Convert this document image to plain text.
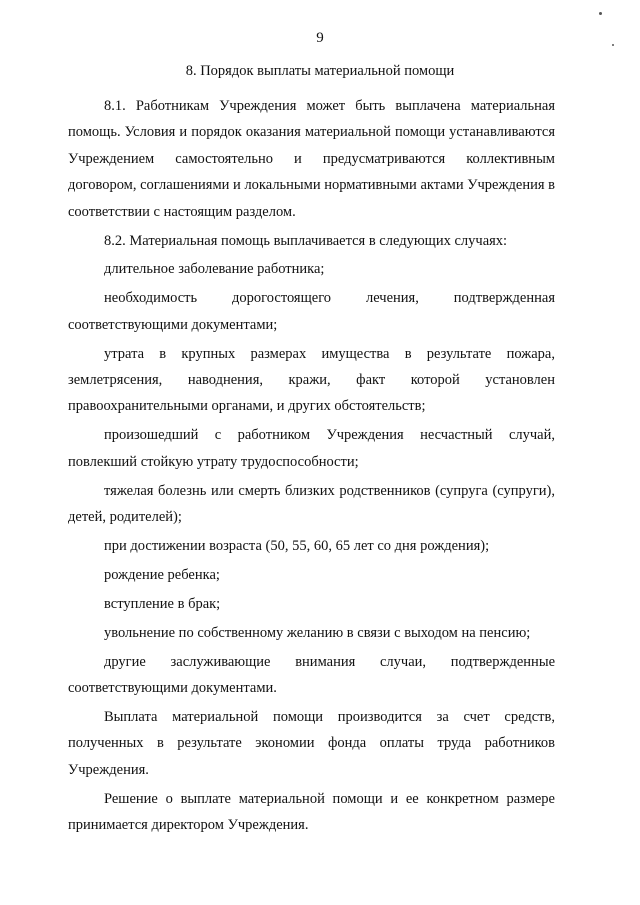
9
8. Порядок выплаты материальной помощи

8.1. Работникам Учреждения может быть выплачена материальная помощь. Условия и порядок оказания материальной помощи устанавливаются Учреждением самостоятельно и предусматриваются коллективным договором, соглашениями и локальными нормативными актами Учреждения в соответствии с настоящим разделом.

8.2. Материальная помощь выплачивается в следующих случаях:

длительное заболевание работника;

необходимость дорогостоящего лечения, подтвержденная соответствующими документами;

утрата в крупных размерах имущества в результате пожара, землетрясения, наводнения, кражи, факт которой установлен правоохранительными органами, и других обстоятельств;

произошедший с работником Учреждения несчастный случай, повлекший стойкую утрату трудоспособности;

тяжелая болезнь или смерть близких родственников (супруга (супруги), детей, родителей);

при достижении возраста (50, 55, 60, 65 лет со дня рождения);

рождение ребенка;

вступление в брак;

увольнение по собственному желанию в связи с выходом на пенсию;

другие заслуживающие внимания случаи, подтвержденные соответствующими документами.

Выплата материальной помощи производится за счет средств, полученных в результате экономии фонда оплаты труда работников Учреждения.

Решение о выплате материальной помощи и ее конкретном размере принимается директором Учреждения.
